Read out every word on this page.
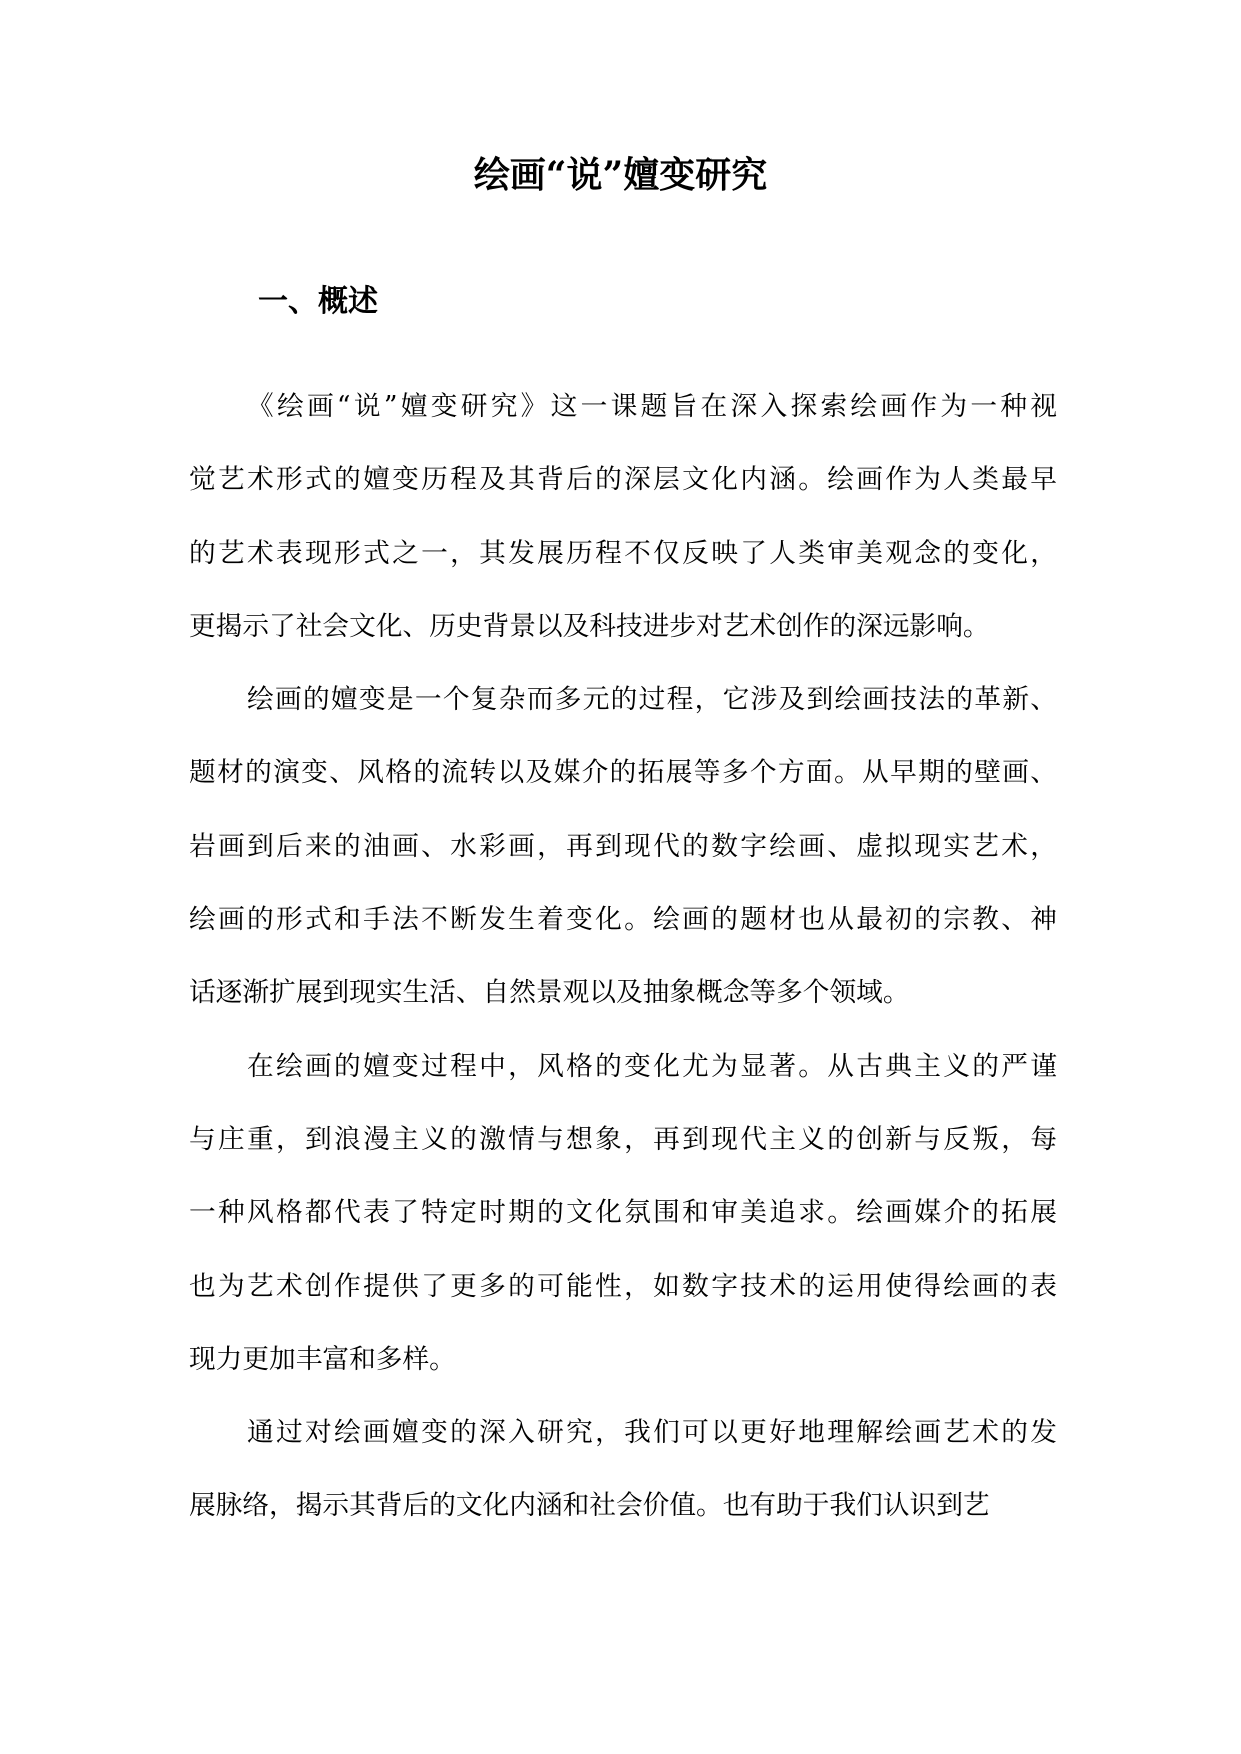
绘画“说”嬗变研究
一、概述
《绘画“说”嬗变研究》这一课题旨在深入探索绘画作为一种视
觉艺术形式的嬗变历程及其背后的深层文化内涵。绘画作为人类最早
的艺术表现形式之一，其发展历程不仅反映了人类审美观念的变化，
更揭示了社会文化、历史背景以及科技进步对艺术创作的深远影响。
绘画的嬗变是一个复杂而多元的过程，它涉及到绘画技法的革新、
题材的演变、风格的流转以及媒介的拓展等多个方面。从早期的壁画、
岩画到后来的油画、水彩画，再到现代的数字绘画、虚拟现实艺术，
绘画的形式和手法不断发生着变化。绘画的题材也从最初的宗教、神
话逐渐扩展到现实生活、自然景观以及抽象概念等多个领域。
在绘画的嬗变过程中，风格的变化尤为显著。从古典主义的严谨
与庄重，到浪漫主义的激情与想象，再到现代主义的创新与反叛，每
一种风格都代表了特定时期的文化氛围和审美追求。绘画媒介的拓展
也为艺术创作提供了更多的可能性，如数字技术的运用使得绘画的表
现力更加丰富和多样。
通过对绘画嬗变的深入研究，我们可以更好地理解绘画艺术的发
展脉络，揭示其背后的文化内涵和社会价值。也有助于我们认识到艺
